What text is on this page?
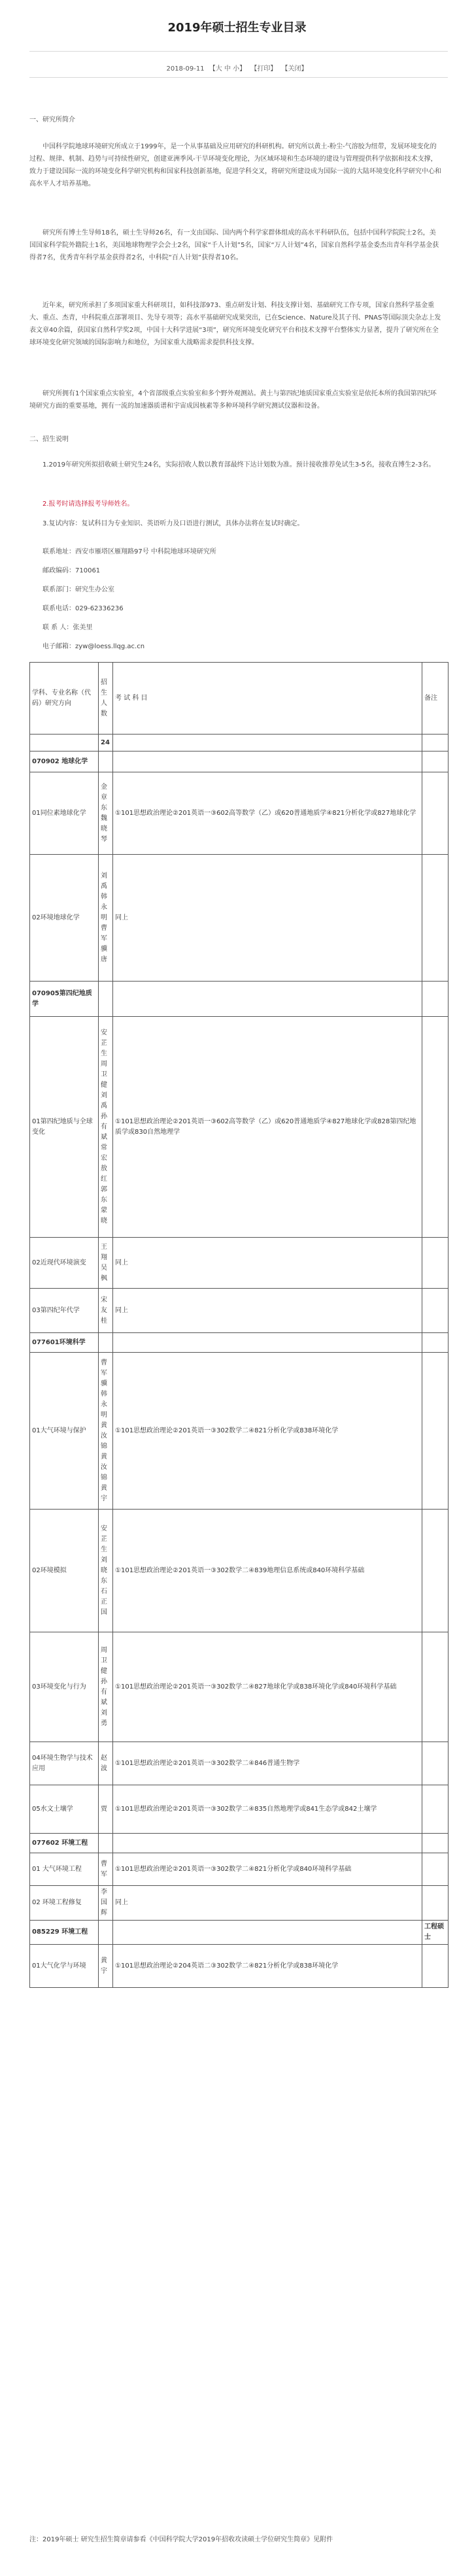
2019年硕士招生专业目录
2018-09-11 【大 中 小】 【打印】 【关闭】
一、研究所简介
中国科学院地球环境研究所成立于1999年，是一个从事基础及应用研究的科研机构。研究所以黄土-粉尘-气溶胶为纽带，发展环境变化的过程、规律、机制、趋势与可持续性研究，创建亚洲季风-干旱环境变化理论，为区域环境和生态环境的建设与管理提供科学依据和技术支撑，致力于建设国际一流的环境变化科学研究机构和国家科技创新基地，促进学科交叉，将研究所建设成为国际一流的大陆环境变化科学研究中心和高水平人才培养基地。
研究所有博士生导师18名，硕士生导师26名，有一支由国际、国内两个科学家群体组成的高水平科研队伍，包括中国科学院院士2名，美国国家科学院外籍院士1名，美国地球物理学会会士2名，国家“千人计划”5名，国家“万人计划”4名，国家自然科学基金委杰出青年科学基金获得者7名，优秀青年科学基金获得者2名，中科院“百人计划”获得者10名。
近年来，研究所承担了多项国家重大科研项目，如科技部973、重点研发计划、科技支撑计划、基础研究工作专项，国家自然科学基金重大、重点、杰青，中科院重点部署项目、先导专项等；高水平基础研究成果突出，已在Science、Nature及其子刊、PNAS等国际顶尖杂志上发表文章40余篇，获国家自然科学奖2项，中国十大科学进展“3项”，研究所环境变化研究平台和技术支撑平台整体实力显著，提升了研究所在全球环境变化研究领域的国际影响力和地位，为国家重大战略需求提供科技支撑。
研究所拥有1个国家重点实验室，4个省部级重点实验室和多个野外观测站。黄土与第四纪地质国家重点实验室是依托本所的我国第四纪环境研究方面的重要基地，拥有一流的加速器质谱和宇宙成因核素等多种环境科学研究测试仪器和设备。
二、招生说明
1.2019年研究所拟招收硕士研究生24名，实际招收人数以教育部最终下达计划数为准。预计接收推荐免试生3-5名，接收直博生2-3名。
2.报考时请选择报考导师姓名。
3.复试内容：复试科目为专业知识、英语听力及口语进行测试，具体办法将在复试时确定。
联系地址：西安市雁塔区雁翔路97号 中科院地球环境研究所
邮政编码：710061
联系部门：研究生办公室
联系电话：029-62336236
联 系 人：张美里
电子邮箱：zyw@loess.llqg.ac.cn
学科、专业名称（代码）研究方向	招生人数	考 试 科 目	备注
	24		
070902 地球化学			
01同位素地球化学	金章东 魏晓琴	①101思想政治理论②201英语一③602高等数学（乙）或620普通地质学④821分析化学或827地球化学	
02环境地球化学	刘禹 韩永明 曹军骥 唐	同上	
070905第四纪地质学			
01第四纪地质与全球变化	安芷生 周卫健 刘禹 孙有斌 常宏 敖红 郭东 蒙晓	①101思想政治理论②201英语一③602高等数学（乙）或620普通地质学④827地球化学或828第四纪地质学或830自然地理学	
02近现代环境演变	王翔 吴枫	同上	
03第四纪年代学	宋友桂	同上	
077601环境科学			
01大气环境与保护	曹军骥 韩永明 黄汝锦 黄汝锦 黄宇	①101思想政治理论②201英语一③302数学二④821分析化学或838环境化学	
02环境模拟	安芷生 刘晓东 石正国	①101思想政治理论②201英语一③302数学二④839地理信息系统或840环境科学基础	
03环境变化与行为	周卫健 孙有斌 刘勇	①101思想政治理论②201英语一③302数学二④827地球化学或838环境化学或840环境科学基础	
04环境生物学与技术应用	赵波	①101思想政治理论②201英语一③302数学二④846普通生物学	
05水文土壤学	贾	①101思想政治理论②201英语一③302数学二④835自然地理学或841生态学或842土壤学	
077602 环境工程			
01 大气环境工程	曹军	①101思想政治理论②201英语一③302数学二④821分析化学或840环境科学基础	
02 环境工程修复	李国辉	同上	
085229 环境工程			工程硕士
01大气化学与环境	黄宇	①101思想政治理论②204英语二③302数学二④821分析化学或838环境化学	
注：2019年硕士 研究生招生简章请参看《中国科学院大学2019年招收攻读硕士学位研究生简章》见附件
